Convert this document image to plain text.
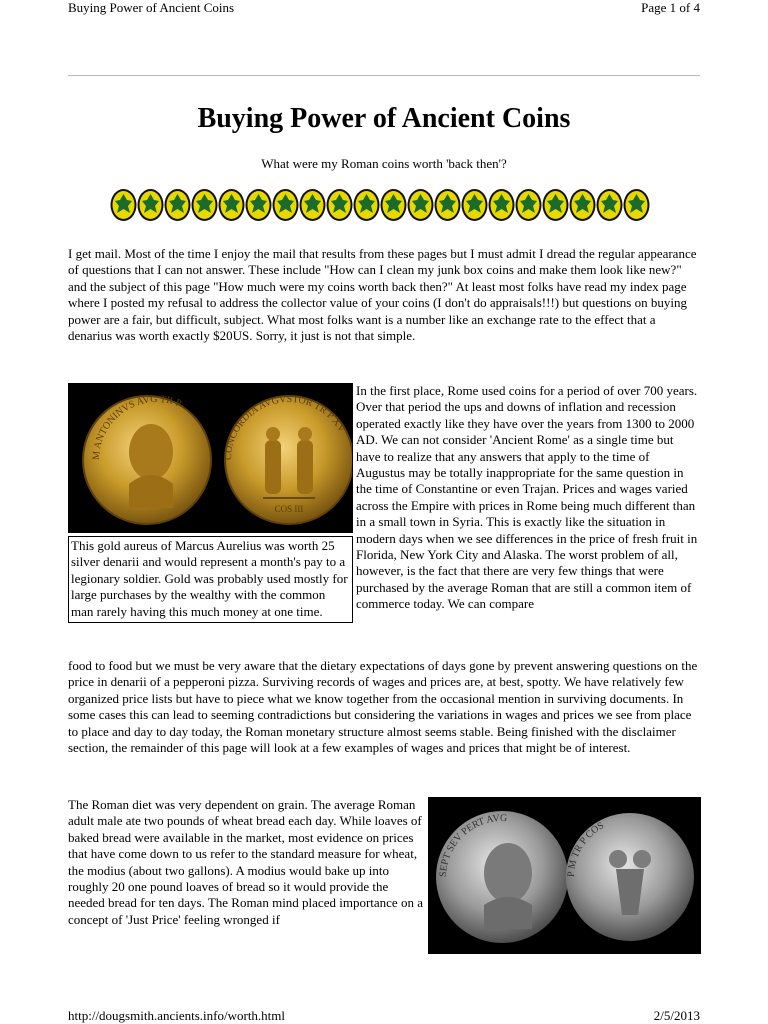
Buying Power of Ancient Coins	Page 1 of 4
Buying Power of Ancient Coins
What were my Roman coins worth 'back then'?

I get mail. Most of the time I enjoy the mail that results from these pages but I must admit I dread the regular appearance of questions that I can not answer. These include "How can I clean my junk box coins and make them look like new?" and the subject of this page "How much were my coins worth back then?" At least most folks have read my index page where I posted my refusal to address the collector value of your coins (I don't do appraisals!!!) but questions on buying power are a fair, but difficult, subject. What most folks want is a number like an exchange rate to the effect that a denarius was worth exactly $20US. Sorry, it just is not that simple.

M ANTONINVS AVG TR P
CONCORDIA AVGVSTOR TR P XV
COS III

This gold aureus of Marcus Aurelius was worth 25 silver denarii and would represent a month's pay to a legionary soldier. Gold was probably used mostly for large purchases by the wealthy with the common man rarely having this much money at one time.

In the first place, Rome used coins for a period of over 700 years. Over that period the ups and downs of inflation and recession operated exactly like they have over the years from 1300 to 2000 AD. We can not consider 'Ancient Rome' as a single time but have to realize that any answers that apply to the time of Augustus may be totally inappropriate for the same question in the time of Constantine or even Trajan. Prices and wages varied across the Empire with prices in Rome being much different than in a small town in Syria. This is exactly like the situation in modern days when we see differences in the price of fresh fruit in Florida, New York City and Alaska. The worst problem of all, however, is the fact that there are very few things that were purchased by the average Roman that are still a common item of commerce today. We can compare

food to food but we must be very aware that the dietary expectations of days gone by prevent answering questions on the price in denarii of a pepperoni pizza. Surviving records of wages and prices are, at best, spotty. We have relatively few organized price lists but have to piece what we know together from the occasional mention in surviving documents. In some cases this can lead to seeming contradictions but considering the variations in wages and prices we see from place to place and day to day today, the Roman monetary structure almost seems stable. Being finished with the disclaimer section, the remainder of this page will look at a few examples of wages and prices that might be of interest.

The Roman diet was very dependent on grain. The average Roman adult male ate two pounds of wheat bread each day. While loaves of baked bread were available in the market, most evidence on prices that have come down to us refer to the standard measure for wheat, the modius (about two gallons). A modius would bake up into roughly 20 one pound loaves of bread so it would provide the needed bread for ten days. The Roman mind placed importance on a concept of 'Just Price' feeling wronged if

SEPT SEV PERT AVG
P M TR P COS
http://dougsmith.ancients.info/worth.html	2/5/2013
